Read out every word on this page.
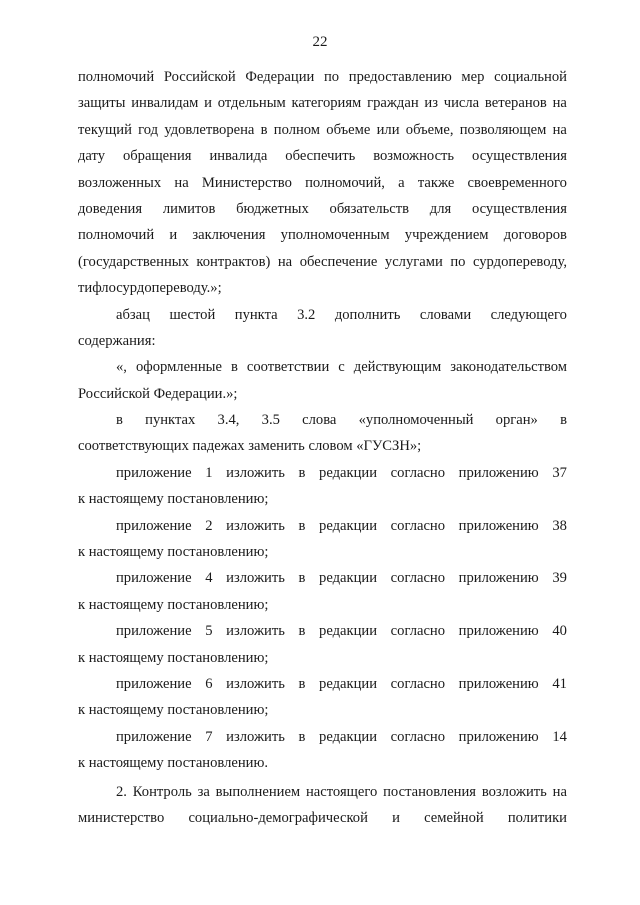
22
полномочий Российской Федерации по предоставлению мер социальной
защиты инвалидам и отдельным категориям граждан из числа ветеранов на
текущий год удовлетворена в полном объеме или объеме, позволяющем на
дату обращения инвалида обеспечить возможность осуществления
возложенных на Министерство полномочий, а также своевременного
доведения лимитов бюджетных обязательств для осуществления
полномочий и заключения уполномоченным учреждением договоров
(государственных контрактов) на обеспечение услугами по сурдопереводу,
тифлосурдопереводу.»;
абзац шестой пункта 3.2 дополнить словами следующего
содержания:
«, оформленные в соответствии с действующим законодательством
Российской Федерации.»;
в пунктах 3.4, 3.5 слова «уполномоченный орган» в
соответствующих падежах заменить словом «ГУСЗН»;
приложение 1 изложить в редакции согласно приложению 37
к настоящему постановлению;
приложение 2 изложить в редакции согласно приложению 38
к настоящему постановлению;
приложение 4 изложить в редакции согласно приложению 39
к настоящему постановлению;
приложение 5 изложить в редакции согласно приложению 40
к настоящему постановлению;
приложение 6 изложить в редакции согласно приложению 41
к настоящему постановлению;
приложение 7 изложить в редакции согласно приложению 14
к настоящему постановлению.
2. Контроль за выполнением настоящего постановления возложить на
министерство социально-демографической и семейной политики
